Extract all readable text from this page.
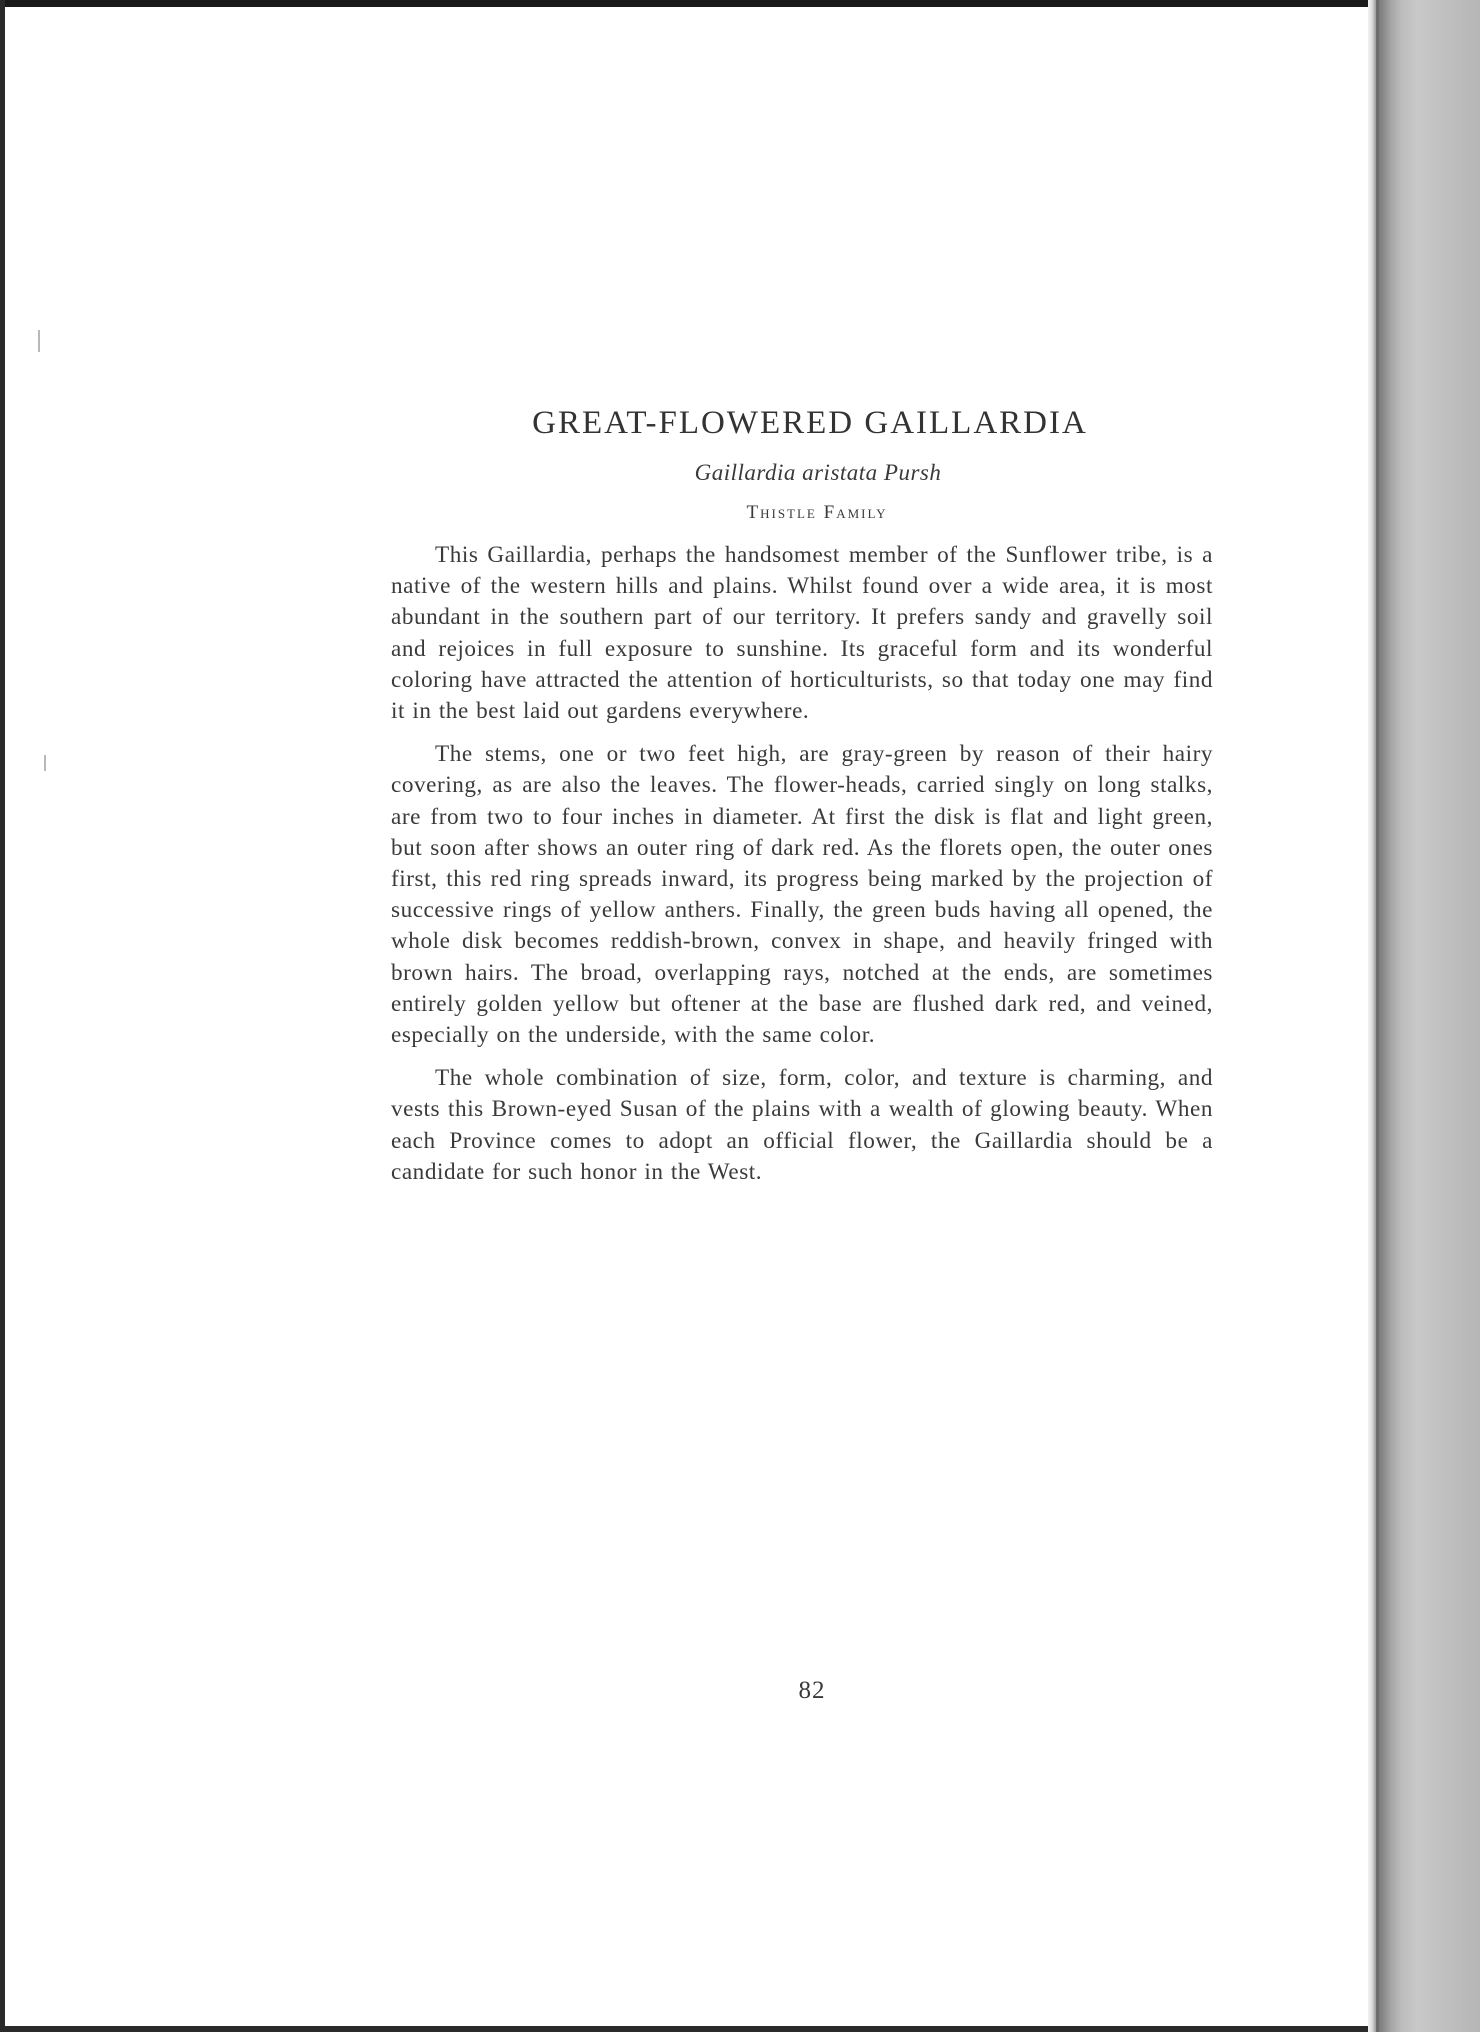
GREAT-FLOWERED GAILLARDIA
Gaillardia aristata Pursh
Thistle Family

This Gaillardia, perhaps the handsomest member of the Sunflower tribe, is a native of the western hills and plains. Whilst found over a wide area, it is most abundant in the southern part of our territory. It prefers sandy and gravelly soil and rejoices in full exposure to sunshine. Its graceful form and its wonderful coloring have attracted the attention of horticulturists, so that today one may find it in the best laid out gardens everywhere.

The stems, one or two feet high, are gray-green by reason of their hairy covering, as are also the leaves. The flower-heads, carried singly on long stalks, are from two to four inches in diameter. At first the disk is flat and light green, but soon after shows an outer ring of dark red. As the florets open, the outer ones first, this red ring spreads inward, its progress being marked by the projection of successive rings of yellow anthers. Finally, the green buds having all opened, the whole disk becomes reddish-brown, convex in shape, and heavily fringed with brown hairs. The broad, overlapping rays, notched at the ends, are sometimes entirely golden yellow but oftener at the base are flushed dark red, and veined, especially on the underside, with the same color.

The whole combination of size, form, color, and texture is charming, and vests this Brown-eyed Susan of the plains with a wealth of glowing beauty. When each Province comes to adopt an official flower, the Gaillardia should be a candidate for such honor in the West.

82
